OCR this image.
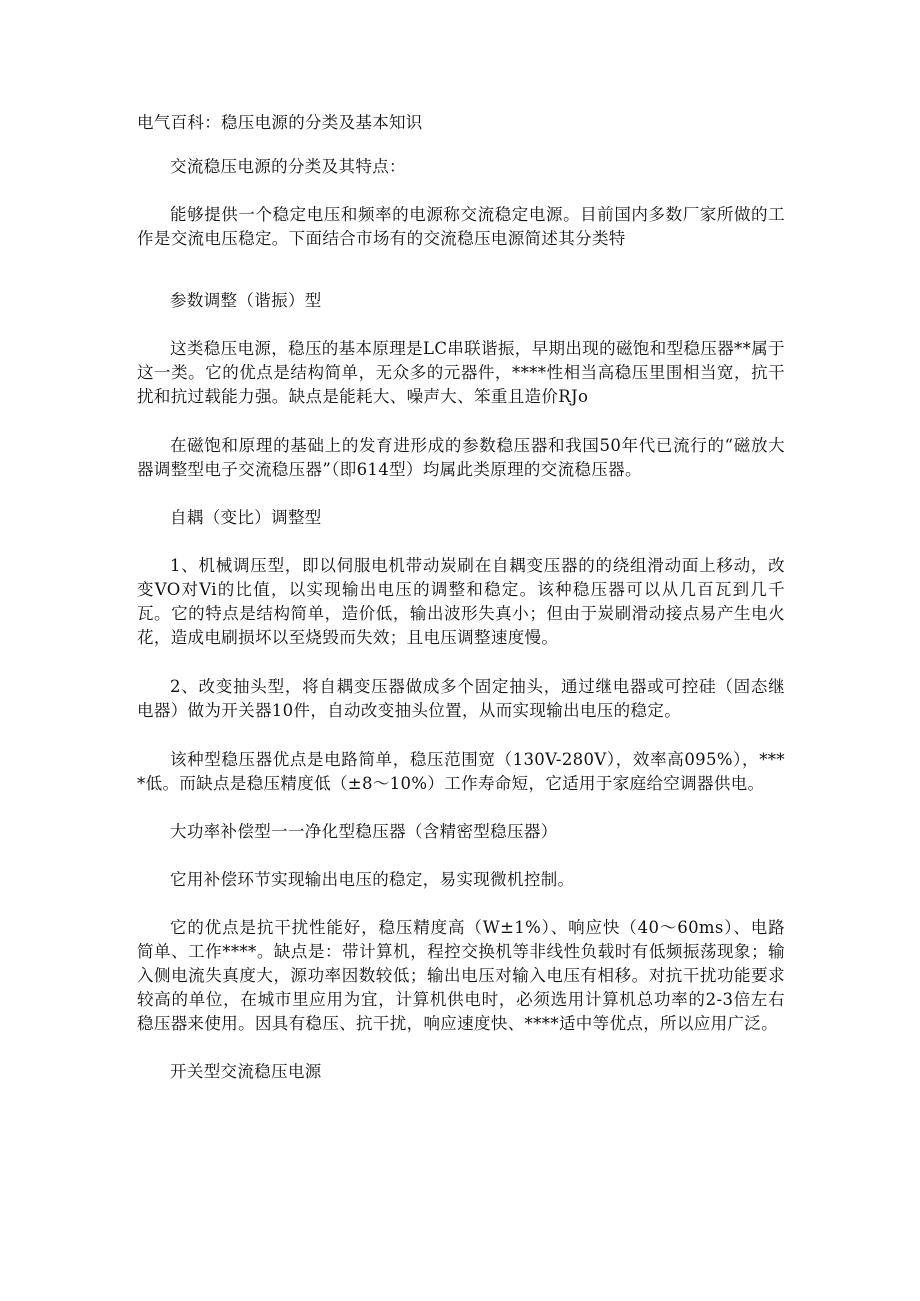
电气百科：稳压电源的分类及基本知识

交流稳压电源的分类及其特点：

能够提供一个稳定电压和频率的电源称交流稳定电源。目前国内多数厂家所做的工作是交流电压稳定。下面结合市场有的交流稳压电源简述其分类特

参数调整（谐振）型

这类稳压电源，稳压的基本原理是LC串联谐振，早期出现的磁饱和型稳压器**属于这一类。它的优点是结构简单，无众多的元器件，****性相当高稳压里围相当宽，抗干扰和抗过载能力强。缺点是能耗大、噪声大、笨重且造价RJo

在磁饱和原理的基础上的发育进形成的参数稳压器和我国50年代已流行的“磁放大器调整型电子交流稳压器”（即614型）均属此类原理的交流稳压器。

自耦（变比）调整型

1、机械调压型，即以伺服电机带动炭刷在自耦变压器的的绕组滑动面上移动，改变VO对Vi的比值，以实现输出电压的调整和稳定。该种稳压器可以从几百瓦到几千瓦。它的特点是结构简单，造价低，输出波形失真小；但由于炭刷滑动接点易产生电火花，造成电刷损坏以至烧毁而失效；且电压调整速度慢。

2、改变抽头型，将自耦变压器做成多个固定抽头，通过继电器或可控硅（固态继电器）做为开关器10件，自动改变抽头位置，从而实现输出电压的稳定。

该种型稳压器优点是电路简单，稳压范围宽（130V-280V），效率高095%），****低。而缺点是稳压精度低（±8～10%）工作寿命短，它适用于家庭给空调器供电。

大功率补偿型一一净化型稳压器（含精密型稳压器）

它用补偿环节实现输出电压的稳定，易实现微机控制。

它的优点是抗干扰性能好，稳压精度高（W±1%）、响应快（40～60ms）、电路简单、工作****。缺点是：带计算机，程控交换机等非线性负载时有低频振荡现象；输入侧电流失真度大，源功率因数较低；输出电压对输入电压有相移。对抗干扰功能要求较高的单位，在城市里应用为宜，计算机供电时，必须选用计算机总功率的2-3倍左右稳压器来使用。因具有稳压、抗干扰，响应速度快、****适中等优点，所以应用广泛。

开关型交流稳压电源
